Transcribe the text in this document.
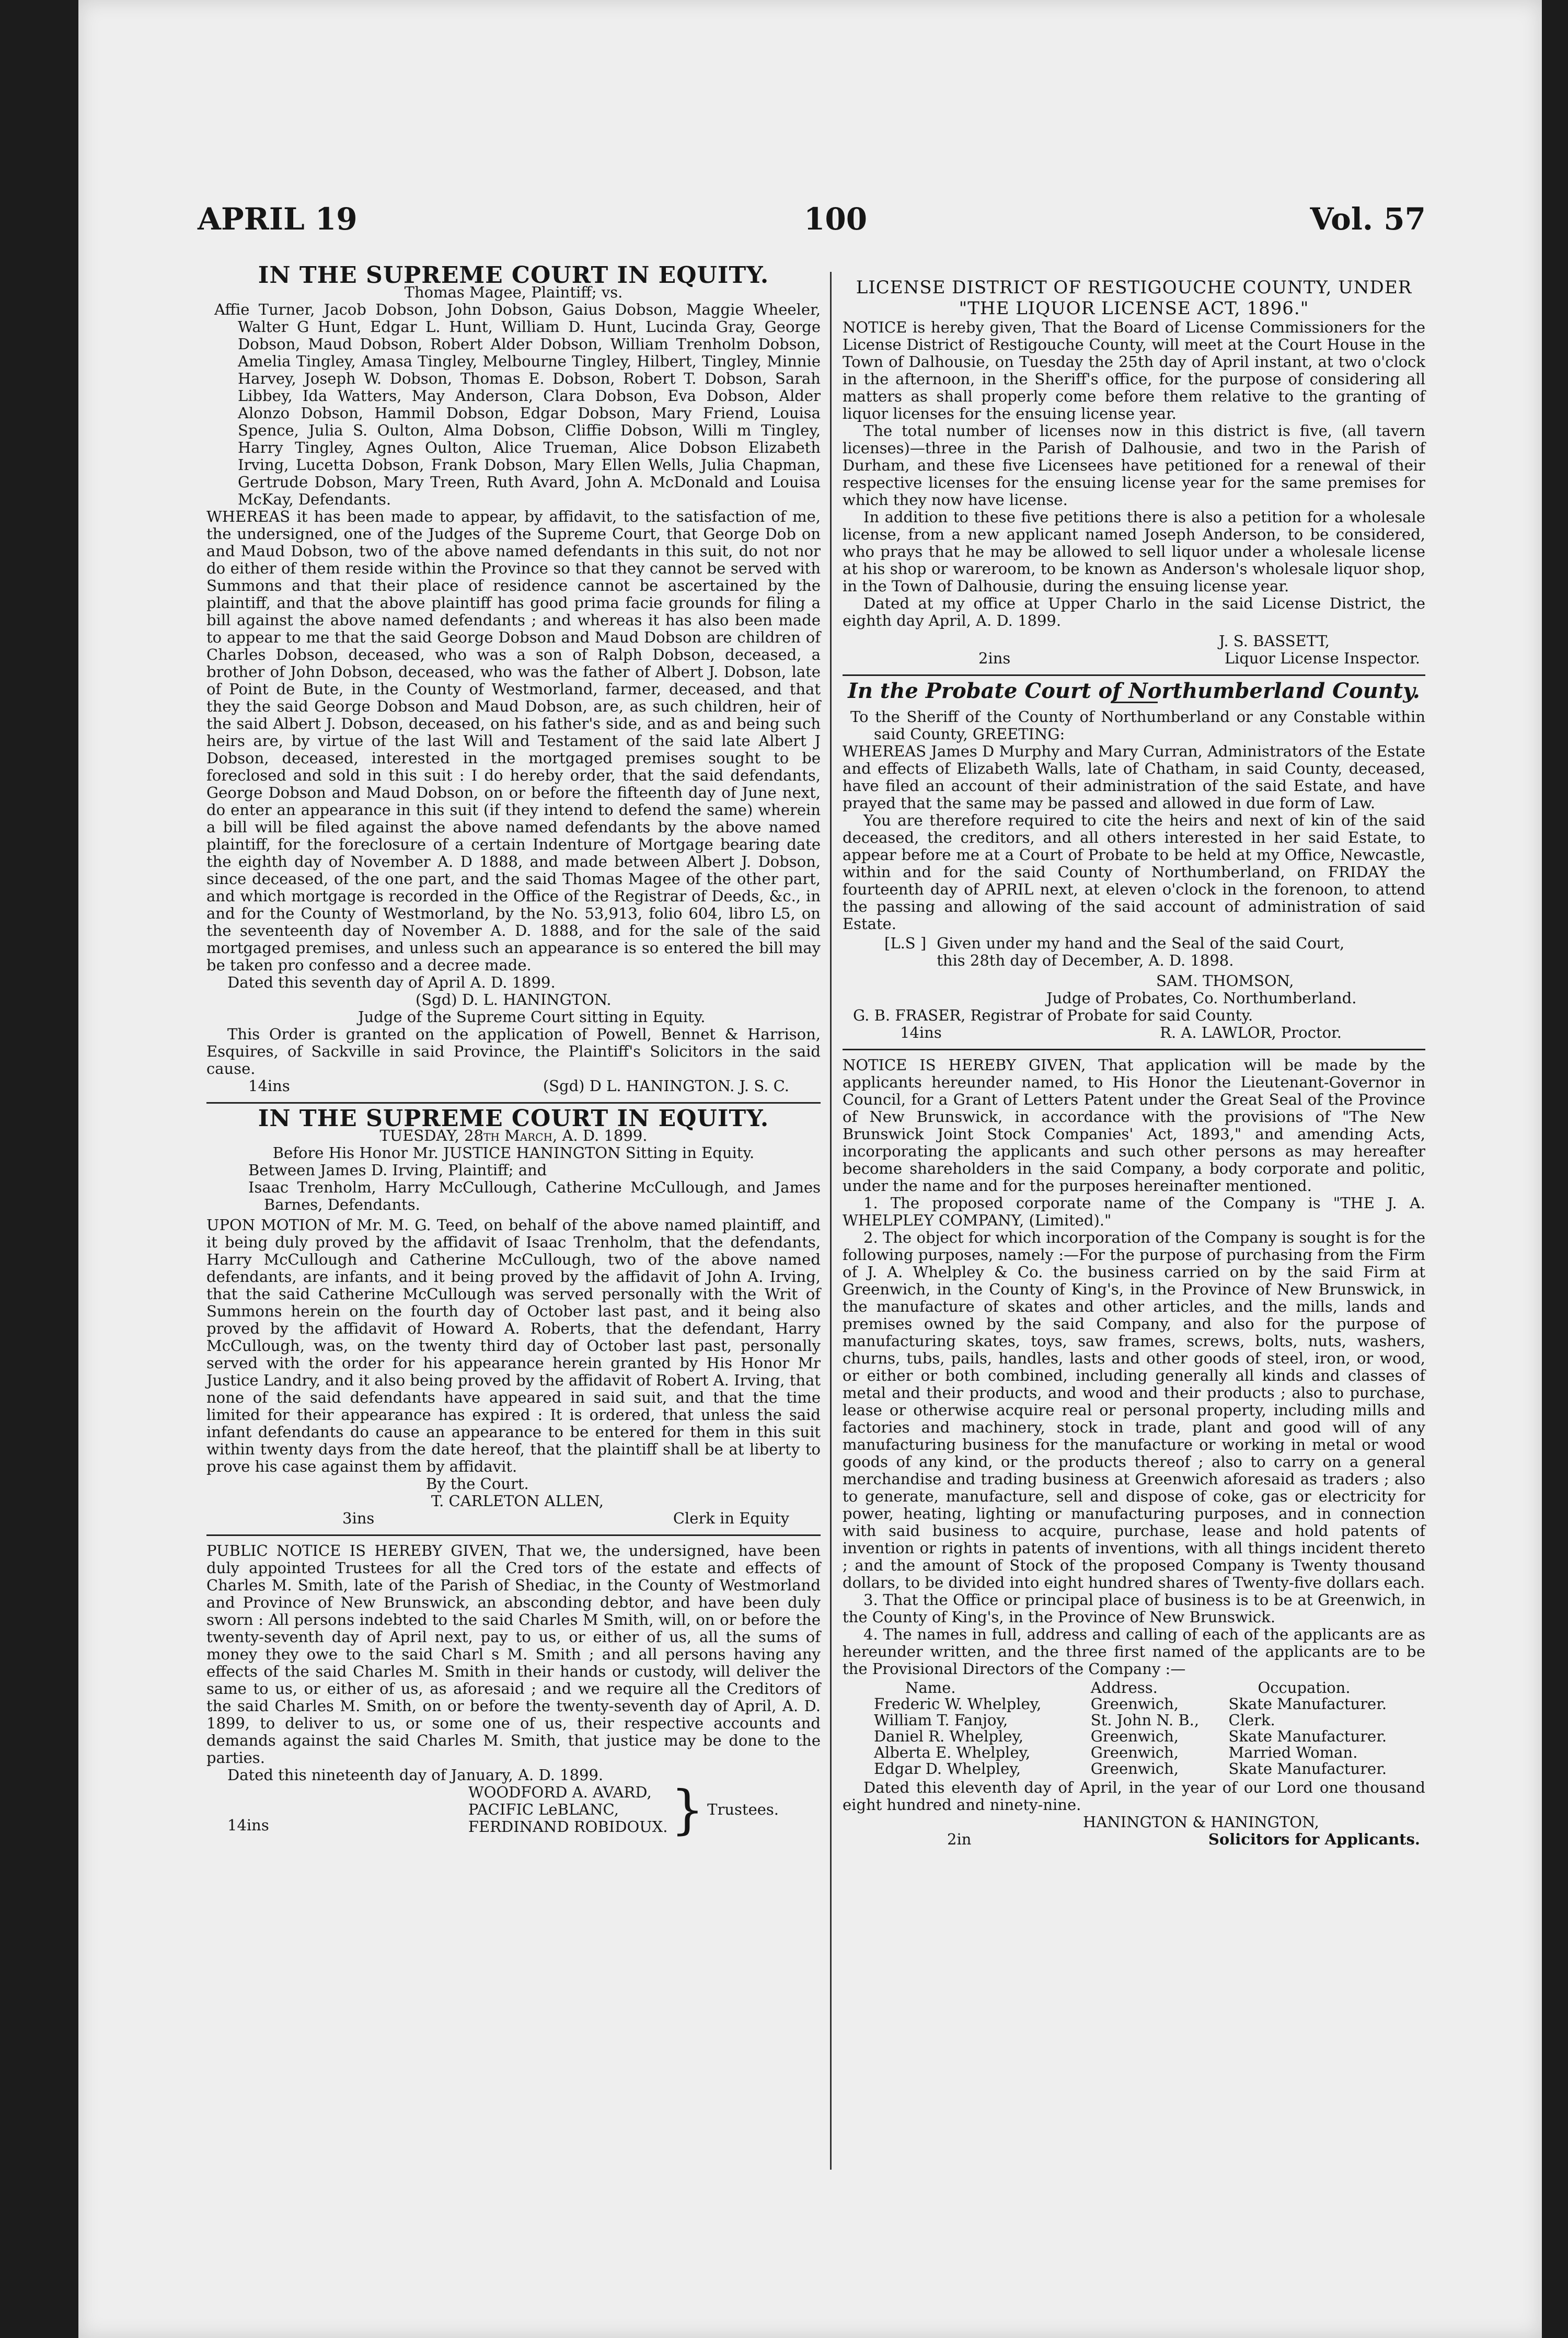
APRIL 19	100	Vol. 57

IN THE SUPREME COURT IN EQUITY.

Thomas Magee, Plaintiff; vs.

Affie Turner, Jacob Dobson, John Dobson, Gaius Dobson, Maggie Wheeler, Walter G Hunt, Edgar L. Hunt, William D. Hunt, Lucinda Gray, George Dobson, Maud Dobson, Robert Alder Dobson, William Trenholm Dobson, Amelia Tingley, Amasa Tingley, Melbourne Tingley, Hilbert, Tingley, Minnie Harvey, Joseph W. Dobson, Thomas E. Dobson, Robert T. Dobson, Sarah Libbey, Ida Watters, May Anderson, Clara Dobson, Eva Dobson, Alder Alonzo Dobson, Hammil Dobson, Edgar Dobson, Mary Friend, Louisa Spence, Julia S. Oulton, Alma Dobson, Cliffie Dobson, Willi m Tingley, Harry Tingley, Agnes Oulton, Alice Trueman, Alice Dobson Elizabeth Irving, Lucetta Dobson, Frank Dobson, Mary Ellen Wells, Julia Chapman, Gertrude Dobson, Mary Treen, Ruth Avard, John A. McDonald and Louisa McKay, Defendants.

WHEREAS it has been made to appear, by affidavit, to the satisfaction of me, the undersigned, one of the Judges of the Supreme Court, that George Dob on and Maud Dobson, two of the above named defendants in this suit, do not nor do either of them reside within the Province so that they cannot be served with Summons and that their place of residence cannot be ascertained by the plaintiff, and that the above plaintiff has good prima facie grounds for filing a bill against the above named defendants ; and whereas it has also been made to appear to me that the said George Dobson and Maud Dobson are children of Charles Dobson, deceased, who was a son of Ralph Dobson, deceased, a brother of John Dobson, deceased, who was the father of Albert J. Dobson, late of Point de Bute, in the County of Westmorland, farmer, deceased, and that they the said George Dobson and Maud Dobson, are, as such children, heir of the said Albert J. Dobson, deceased, on his father's side, and as and being such heirs are, by virtue of the last Will and Testament of the said late Albert J Dobson, deceased, interested in the mortgaged premises sought to be foreclosed and sold in this suit : I do hereby order, that the said defendants, George Dobson and Maud Dobson, on or before the fifteenth day of June next, do enter an appearance in this suit (if they intend to defend the same) wherein a bill will be filed against the above named defendants by the above named plaintiff, for the foreclosure of a certain Indenture of Mortgage bearing date the eighth day of November A. D 1888, and made between Albert J. Dobson, since deceased, of the one part, and the said Thomas Magee of the other part, and which mortgage is recorded in the Office of the Registrar of Deeds, &c., in and for the County of Westmorland, by the No. 53,913, folio 604, libro L5, on the seventeenth day of November A. D. 1888, and for the sale of the said mortgaged premises, and unless such an appearance is so entered the bill may be taken pro confesso and a decree made.

Dated this seventh day of April A. D. 1899.

(Sgd) D. L. HANINGTON.

Judge of the Supreme Court sitting in Equity.

This Order is granted on the application of Powell, Bennet & Harrison, Esquires, of Sackville in said Province, the Plaintiff's Solicitors in the said cause.

14ins	(Sgd) D L. HANINGTON. J. S. C.

IN THE SUPREME COURT IN EQUITY.

TUESDAY, 28th March, A. D. 1899.

Before His Honor Mr. JUSTICE HANINGTON Sitting in Equity.

Between James D. Irving, Plaintiff; and

Isaac Trenholm, Harry McCullough, Catherine McCullough, and James Barnes, Defendants.

UPON MOTION of Mr. M. G. Teed, on behalf of the above named plaintiff, and it being duly proved by the affidavit of Isaac Trenholm, that the defendants, Harry McCullough and Catherine McCullough, two of the above named defendants, are infants, and it being proved by the affidavit of John A. Irving, that the said Catherine McCullough was served personally with the Writ of Summons herein on the fourth day of October last past, and it being also proved by the affidavit of Howard A. Roberts, that the defendant, Harry McCullough, was, on the twenty third day of October last past, personally served with the order for his appearance herein granted by His Honor Mr Justice Landry, and it also being proved by the affidavit of Robert A. Irving, that none of the said defendants have appeared in said suit, and that the time limited for their appearance has expired : It is ordered, that unless the said infant defendants do cause an appearance to be entered for them in this suit within twenty days from the date hereof, that the plaintiff shall be at liberty to prove his case against them by affidavit.

By the Court.

T. CARLETON ALLEN,

3ins	Clerk in Equity

PUBLIC NOTICE IS HEREBY GIVEN, That we, the undersigned, have been duly appointed Trustees for all the Cred tors of the estate and effects of Charles M. Smith, late of the Parish of Shediac, in the County of Westmorland and Province of New Brunswick, an absconding debtor, and have been duly sworn : All persons indebted to the said Charles M Smith, will, on or before the twenty-seventh day of April next, pay to us, or either of us, all the sums of money they owe to the said Charl s M. Smith ; and all persons having any effects of the said Charles M. Smith in their hands or custody, will deliver the same to us, or either of us, as aforesaid ; and we require all the Creditors of the said Charles M. Smith, on or before the twenty-seventh day of April, A. D. 1899, to deliver to us, or some one of us, their respective accounts and demands against the said Charles M. Smith, that justice may be done to the parties.

Dated this nineteenth day of January, A. D. 1899.

14ins

WOODFORD A. AVARD,

PACIFIC LeBLANC,

FERDINAND ROBIDOUX. } Trustees.

LICENSE DISTRICT OF RESTIGOUCHE COUNTY, UNDER "THE LIQUOR LICENSE ACT, 1896."

NOTICE is hereby given, That the Board of License Commissioners for the License District of Restigouche County, will meet at the Court House in the Town of Dalhousie, on Tuesday the 25th day of April instant, at two o'clock in the afternoon, in the Sheriff's office, for the purpose of considering all matters as shall properly come before them relative to the granting of liquor licenses for the ensuing license year.

The total number of licenses now in this district is five, (all tavern licenses)—three in the Parish of Dalhousie, and two in the Parish of Durham, and these five Licensees have petitioned for a renewal of their respective licenses for the ensuing license year for the same premises for which they now have license.

In addition to these five petitions there is also a petition for a wholesale license, from a new applicant named Joseph Anderson, to be considered, who prays that he may be allowed to sell liquor under a wholesale license at his shop or wareroom, to be known as Anderson's wholesale liquor shop, in the Town of Dalhousie, during the ensuing license year.

Dated at my office at Upper Charlo in the said License District, the eighth day April, A. D. 1899.

J. S. BASSETT,

2ins	Liquor License Inspector.

In the Probate Court of Northumberland County.

To the Sheriff of the County of Northumberland or any Constable within said County, GREETING:

WHEREAS James D Murphy and Mary Curran, Administrators of the Estate and effects of Elizabeth Walls, late of Chatham, in said County, deceased, have filed an account of their administration of the said Estate, and have prayed that the same may be passed and allowed in due form of Law.

You are therefore required to cite the heirs and next of kin of the said deceased, the creditors, and all others interested in her said Estate, to appear before me at a Court of Probate to be held at my Office, Newcastle, within and for the said County of Northumberland, on FRIDAY the fourteenth day of APRIL next, at eleven o'clock in the forenoon, to attend the passing and allowing of the said account of administration of said Estate.

[L.S ] Given under my hand and the Seal of the said Court, this 28th day of December, A. D. 1898.

SAM. THOMSON,

Judge of Probates, Co. Northumberland.

G. B. FRASER, Registrar of Probate for said County.

14ins	R. A. LAWLOR, Proctor.

NOTICE IS HEREBY GIVEN, That application will be made by the applicants hereunder named, to His Honor the Lieutenant-Governor in Council, for a Grant of Letters Patent under the Great Seal of the Province of New Brunswick, in accordance with the provisions of "The New Brunswick Joint Stock Companies' Act, 1893," and amending Acts, incorporating the applicants and such other persons as may hereafter become shareholders in the said Company, a body corporate and politic, under the name and for the purposes hereinafter mentioned.

1. The proposed corporate name of the Company is "THE J. A. WHELPLEY COMPANY, (Limited)."

2. The object for which incorporation of the Company is sought is for the following purposes, namely :—For the purpose of purchasing from the Firm of J. A. Whelpley & Co. the business carried on by the said Firm at Greenwich, in the County of King's, in the Province of New Brunswick, in the manufacture of skates and other articles, and the mills, lands and premises owned by the said Company, and also for the purpose of manufacturing skates, toys, saw frames, screws, bolts, nuts, washers, churns, tubs, pails, handles, lasts and other goods of steel, iron, or wood, or either or both combined, including generally all kinds and classes of metal and their products, and wood and their products ; also to purchase, lease or otherwise acquire real or personal property, including mills and factories and machinery, stock in trade, plant and good will of any manufacturing business for the manufacture or working in metal or wood goods of any kind, or the products thereof ; also to carry on a general merchandise and trading business at Greenwich aforesaid as traders ; also to generate, manufacture, sell and dispose of coke, gas or electricity for power, heating, lighting or manufacturing purposes, and in connection with said business to acquire, purchase, lease and hold patents of invention or rights in patents of inventions, with all things incident thereto ; and the amount of Stock of the proposed Company is Twenty thousand dollars, to be divided into eight hundred shares of Twenty-five dollars each.

3. That the Office or principal place of business is to be at Greenwich, in the County of King's, in the Province of New Brunswick.

4. The names in full, address and calling of each of the applicants are as hereunder written, and the three first named of the applicants are to be the Provisional Directors of the Company :—

Name.	Address.	Occupation.
Frederic W. Whelpley,	Greenwich,	Skate Manufacturer.
William T. Fanjoy,	St. John N. B.,	Clerk.
Daniel R. Whelpley,	Greenwich,	Skate Manufacturer.
Alberta E. Whelpley,	Greenwich,	Married Woman.
Edgar D. Whelpley,	Greenwich,	Skate Manufacturer.

Dated this eleventh day of April, in the year of our Lord one thousand eight hundred and ninety-nine.

HANINGTON & HANINGTON,

2in	Solicitors for Applicants.
